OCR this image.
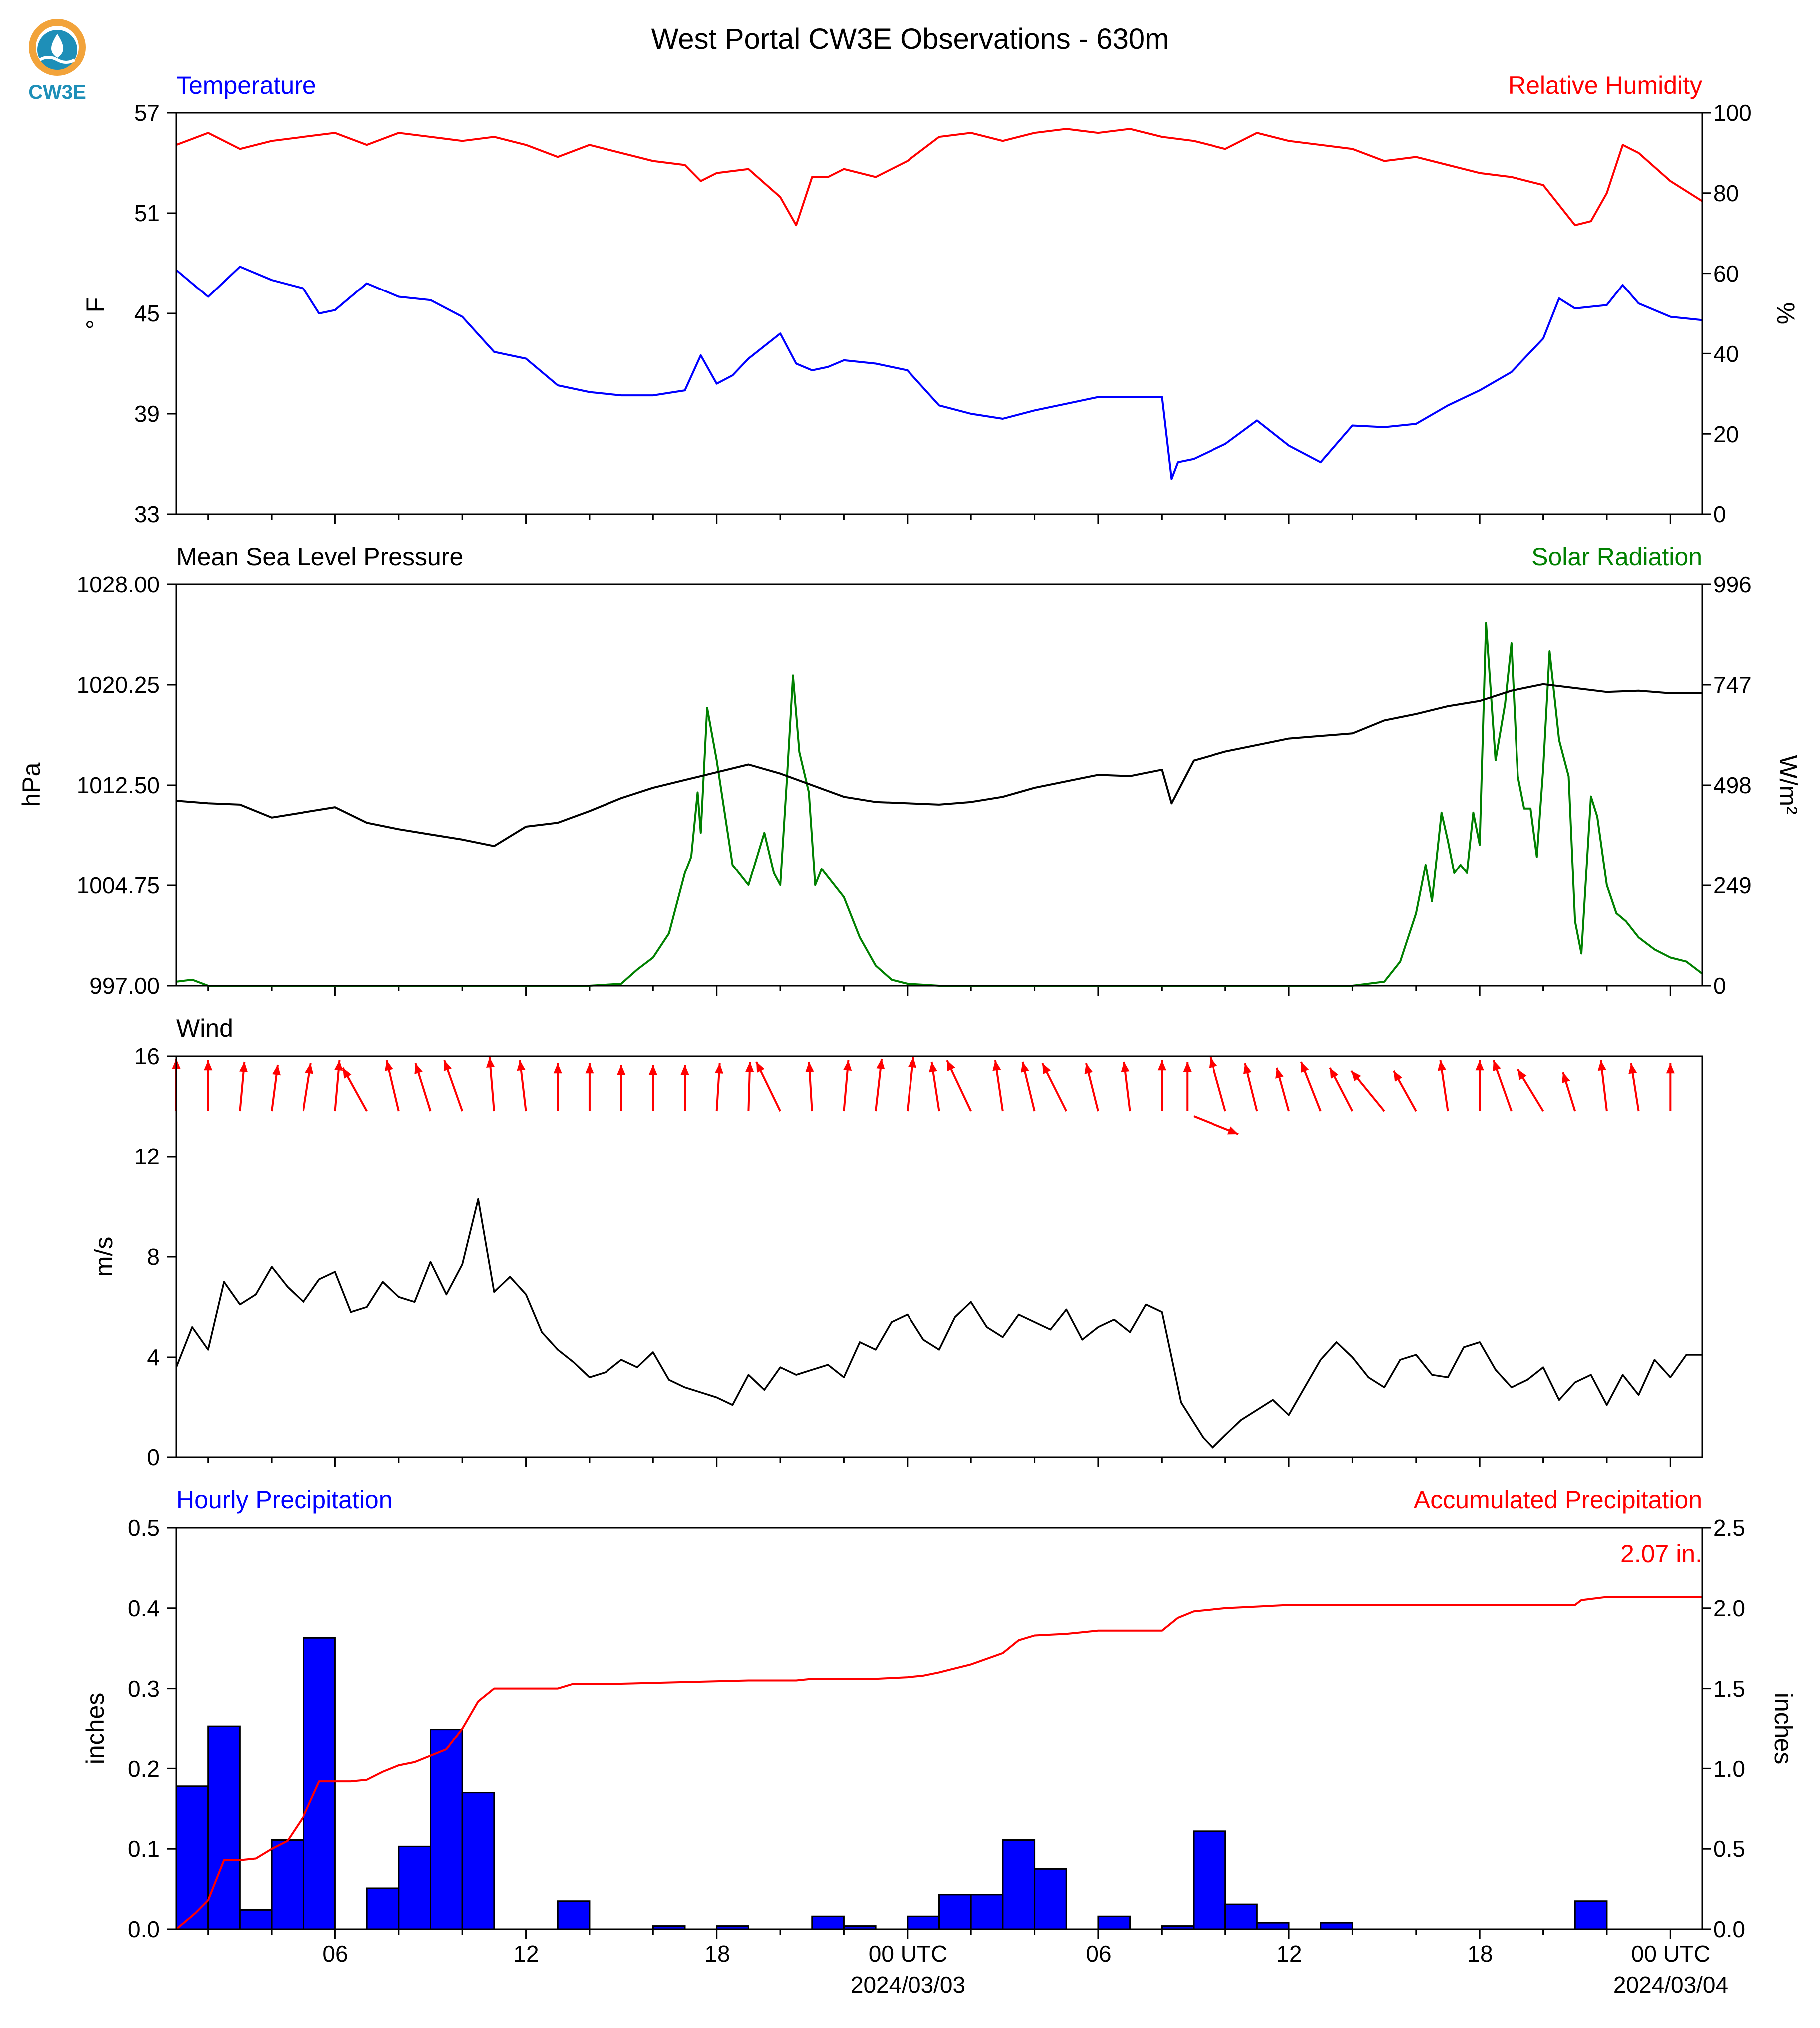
CW3E
West Portal CW3E Observations - 630m
Temperature	Relative Humidity
° F	%
57
51
45
39
33
100
80
60
40
20
0
Mean Sea Level Pressure	Solar Radiation
hPa	W/m²
1028.00
1020.25
1012.50
1004.75
997.00
996
747
498
249
0
Wind
m/s
16
12
8
4
0
Hourly Precipitation	Accumulated Precipitation
2.07 in.
inches	inches
0.5
0.4
0.3
0.2
0.1
0.0
2.5
2.0
1.5
1.0
0.5
0.0
06	12	18	00 UTC	06	12	18	00 UTC
2024/03/03	2024/03/04
